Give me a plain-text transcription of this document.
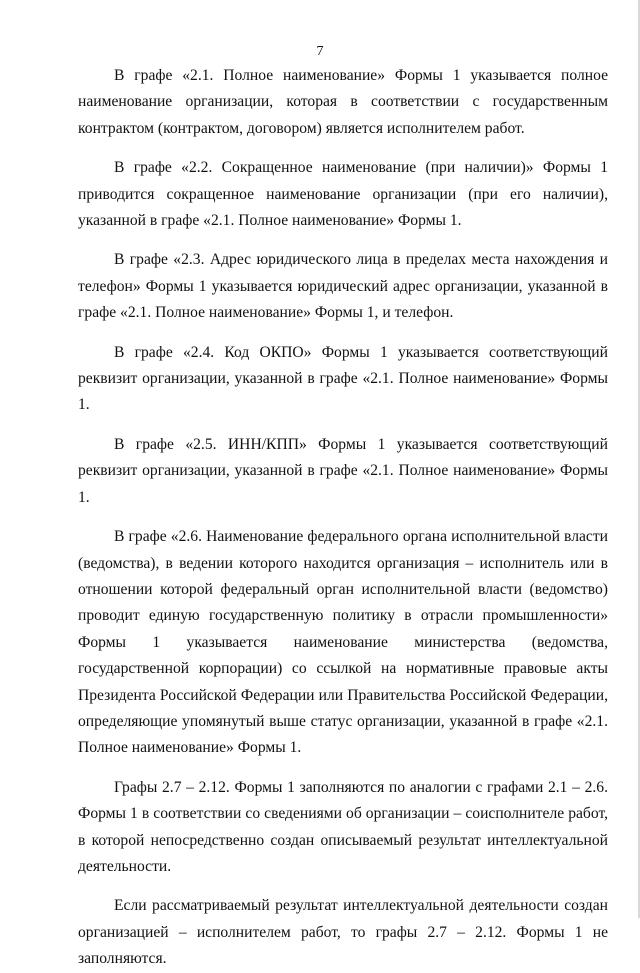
7

В графе «2.1. Полное наименование» Формы 1 указывается полное наименование организации, которая в соответствии с государственным контрактом (контрактом, договором) является исполнителем работ.

В графе «2.2. Сокращенное наименование (при наличии)» Формы 1 приводится сокращенное наименование организации (при его наличии), указанной в графе «2.1. Полное наименование» Формы 1.

В графе «2.3. Адрес юридического лица в пределах места нахождения и телефон» Формы 1 указывается юридический адрес организации, указанной в графе «2.1. Полное наименование» Формы 1, и телефон.

В графе «2.4. Код ОКПО» Формы 1 указывается соответствующий реквизит организации, указанной в графе «2.1. Полное наименование» Формы 1.

В графе «2.5. ИНН/КПП» Формы 1 указывается соответствующий реквизит организации, указанной в графе «2.1. Полное наименование» Формы 1.

В графе «2.6. Наименование федерального органа исполнительной власти (ведомства), в ведении которого находится организация – исполнитель или в отношении которой федеральный орган исполнительной власти (ведомство) проводит единую государственную политику в отрасли промышленности» Формы 1 указывается наименование министерства (ведомства, государственной корпорации) со ссылкой на нормативные правовые акты Президента Российской Федерации или Правительства Российской Федерации, определяющие упомянутый выше статус организации, указанной в графе «2.1. Полное наименование» Формы 1.

Графы 2.7 – 2.12. Формы 1 заполняются по аналогии с графами 2.1 – 2.6. Формы 1 в соответствии со сведениями об организации – соисполнителе работ, в которой непосредственно создан описываемый результат интеллектуальной деятельности.

Если рассматриваемый результат интеллектуальной деятельности создан организацией – исполнителем работ, то графы 2.7 – 2.12. Формы 1 не заполняются.
